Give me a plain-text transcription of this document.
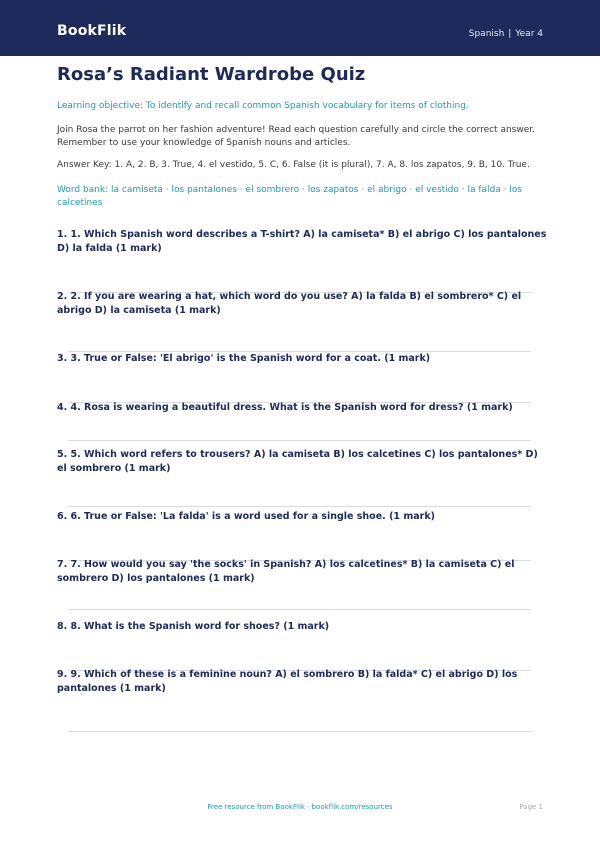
BookFlik	Spanish | Year 4
Rosa’s Radiant Wardrobe Quiz
Learning objective: To identify and recall common Spanish vocabulary for items of clothing.
Join Rosa the parrot on her fashion adventure! Read each question carefully and circle the correct answer. Remember to use your knowledge of Spanish nouns and articles.
Answer Key: 1. A, 2. B, 3. True, 4. el vestido, 5. C, 6. False (it is plural), 7. A, 8. los zapatos, 9. B, 10. True.
Word bank: la camiseta · los pantalones · el sombrero · los zapatos · el abrigo · el vestido · la falda · los calcetines
1. 1. Which Spanish word describes a T-shirt? A) la camiseta* B) el abrigo C) los pantalones D) la falda (1 mark)
2. 2. If you are wearing a hat, which word do you use? A) la falda B) el sombrero* C) el abrigo D) la camiseta (1 mark)
3. 3. True or False: 'El abrigo' is the Spanish word for a coat. (1 mark)
4. 4. Rosa is wearing a beautiful dress. What is the Spanish word for dress? (1 mark)
5. 5. Which word refers to trousers? A) la camiseta B) los calcetines C) los pantalones* D) el sombrero (1 mark)
6. 6. True or False: 'La falda' is a word used for a single shoe. (1 mark)
7. 7. How would you say 'the socks' in Spanish? A) los calcetines* B) la camiseta C) el sombrero D) los pantalones (1 mark)
8. 8. What is the Spanish word for shoes? (1 mark)
9. 9. Which of these is a feminine noun? A) el sombrero B) la falda* C) el abrigo D) los pantalones (1 mark)
Free resource from BookFlik · bookflik.com/resources	Page 1
